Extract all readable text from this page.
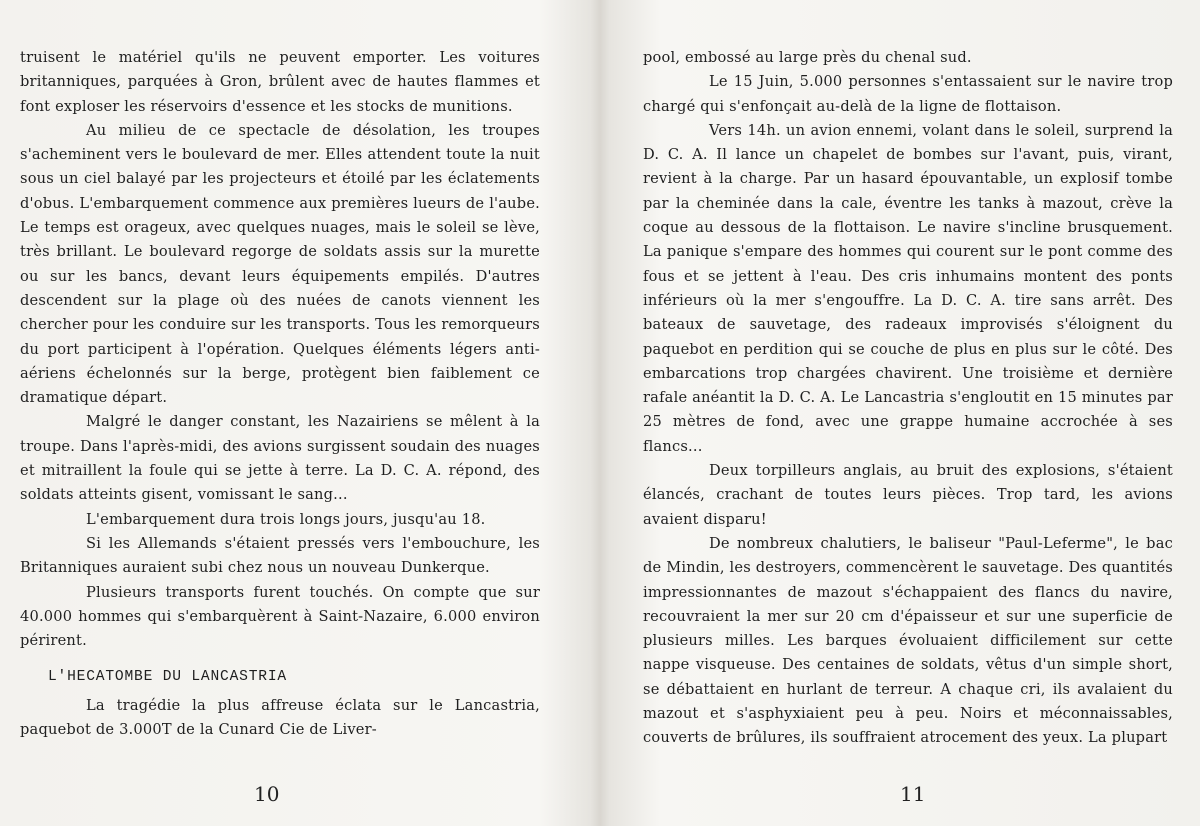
truisent le matériel qu'ils ne peuvent emporter. Les voitures britanniques, parquées à Gron, brûlent avec de hautes flammes et font exploser les réservoirs d'essence et les stocks de munitions.

Au milieu de ce spectacle de désolation, les troupes s'acheminent vers le boulevard de mer. Elles attendent toute la nuit sous un ciel balayé par les projecteurs et étoilé par les éclatements d'obus. L'embarquement commence aux premières lueurs de l'aube. Le temps est orageux, avec quelques nuages, mais le soleil se lève, très brillant. Le boulevard regorge de soldats assis sur la murette ou sur les bancs, devant leurs équipements empilés. D'autres descendent sur la plage où des nuées de canots viennent les chercher pour les conduire sur les transports. Tous les remorqueurs du port participent à l'opération. Quelques éléments légers anti-aériens échelonnés sur la berge, protègent bien faiblement ce dramatique départ.

Malgré le danger constant, les Nazairiens se mêlent à la troupe. Dans l'après-midi, des avions surgissent soudain des nuages et mitraillent la foule qui se jette à terre. La D. C. A. répond, des soldats atteints gisent, vomissant le sang...

L'embarquement dura trois longs jours, jusqu'au 18.

Si les Allemands s'étaient pressés vers l'embouchure, les Britanniques auraient subi chez nous un nouveau Dunkerque.

Plusieurs transports furent touchés. On compte que sur 40.000 hommes qui s'embarquèrent à Saint-Nazaire, 6.000 environ périrent.

L'HECATOMBE DU LANCASTRIA

La tragédie la plus affreuse éclata sur le Lancastria, paquebot de 3.000T de la Cunard Cie de Liver-

10

pool, embossé au large près du chenal sud.

Le 15 Juin, 5.000 personnes s'entassaient sur le navire trop chargé qui s'enfonçait au-delà de la ligne de flottaison.

Vers 14h. un avion ennemi, volant dans le soleil, surprend la D. C. A. Il lance un chapelet de bombes sur l'avant, puis, virant, revient à la charge. Par un hasard épouvantable, un explosif tombe par la cheminée dans la cale, éventre les tanks à mazout, crève la coque au dessous de la flottaison. Le navire s'incline brusquement. La panique s'empare des hommes qui courent sur le pont comme des fous et se jettent à l'eau. Des cris inhumains montent des ponts inférieurs où la mer s'engouffre. La D. C. A. tire sans arrêt. Des bateaux de sauvetage, des radeaux improvisés s'éloignent du paquebot en perdition qui se couche de plus en plus sur le côté. Des embarcations trop chargées chavirent. Une troisième et dernière rafale anéantit la D. C. A. Le Lancastria s'engloutit en 15 minutes par 25 mètres de fond, avec une grappe humaine accrochée à ses flancs...

Deux torpilleurs anglais, au bruit des explosions, s'étaient élancés, crachant de toutes leurs pièces. Trop tard, les avions avaient disparu!

De nombreux chalutiers, le baliseur "Paul-Leferme", le bac de Mindin, les destroyers, commencèrent le sauvetage. Des quantités impressionnantes de mazout s'échappaient des flancs du navire, recouvraient la mer sur 20 cm d'épaisseur et sur une superficie de plusieurs milles. Les barques évoluaient difficilement sur cette nappe visqueuse. Des centaines de soldats, vêtus d'un simple short, se débattaient en hurlant de terreur. A chaque cri, ils avalaient du mazout et s'asphyxiaient peu à peu. Noirs et méconnaissables, couverts de brûlures, ils souffraient atrocement des yeux. La plupart

11
